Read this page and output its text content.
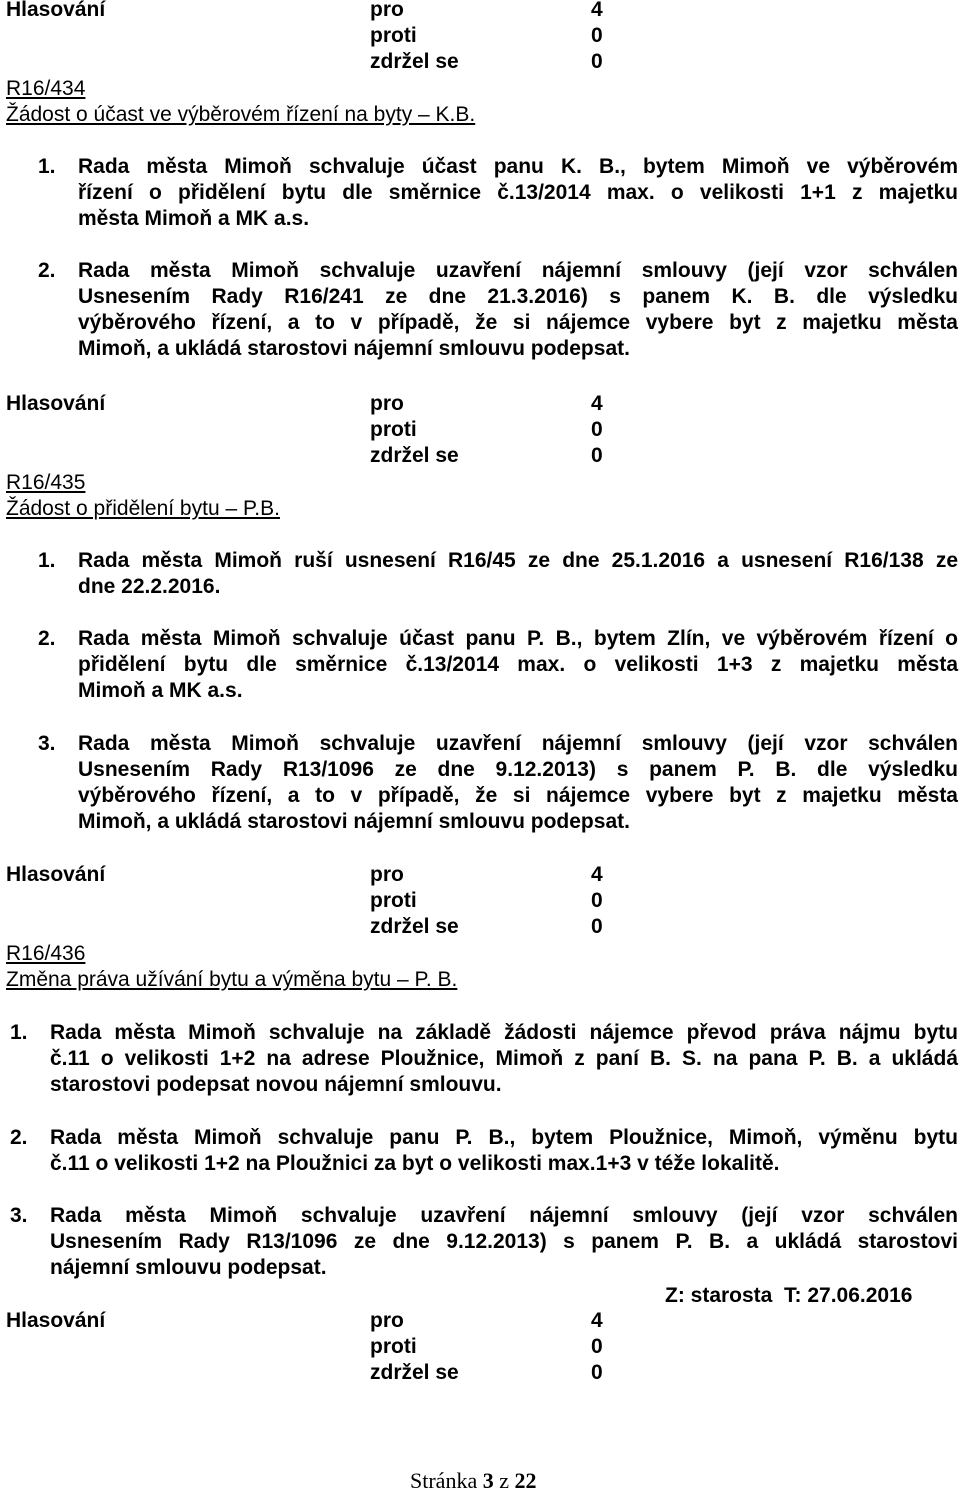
Hlasování	pro	4
proti	0
zdržel se	0
R16/434
Žádost o účast ve výběrovém řízení na byty – K.B.
1. Rada města Mimoň schvaluje účast panu K. B., bytem Mimoň ve výběrovém
řízení o přidělení bytu dle směrnice č.13/2014 max. o velikosti 1+1 z majetku
města Mimoň a MK a.s.
2. Rada města Mimoň schvaluje uzavření nájemní smlouvy (její vzor schválen
Usnesením Rady R16/241 ze dne 21.3.2016) s panem K. B. dle výsledku
výběrového řízení, a to v případě, že si nájemce vybere byt z majetku města
Mimoň, a ukládá starostovi nájemní smlouvu podepsat.
Hlasování	pro	4
proti	0
zdržel se	0
R16/435
Žádost o přidělení bytu – P.B.
1. Rada města Mimoň ruší usnesení R16/45 ze dne 25.1.2016 a usnesení R16/138 ze
dne 22.2.2016.
2. Rada města Mimoň schvaluje účast panu P. B., bytem Zlín, ve výběrovém řízení o
přidělení bytu dle směrnice č.13/2014 max. o velikosti 1+3 z majetku města
Mimoň a MK a.s.
3. Rada města Mimoň schvaluje uzavření nájemní smlouvy (její vzor schválen
Usnesením Rady R13/1096 ze dne 9.12.2013) s panem P. B. dle výsledku
výběrového řízení, a to v případě, že si nájemce vybere byt z majetku města
Mimoň, a ukládá starostovi nájemní smlouvu podepsat.
Hlasování	pro	4
proti	0
zdržel se	0
R16/436
Změna práva užívání bytu a výměna bytu – P. B.
1. Rada města Mimoň schvaluje na základě žádosti nájemce převod práva nájmu bytu
č.11 o velikosti 1+2 na adrese Ploužnice, Mimoň z paní B. S. na pana P. B. a ukládá
starostovi podepsat novou nájemní smlouvu.
2. Rada města Mimoň schvaluje panu P. B., bytem Ploužnice, Mimoň, výměnu bytu
č.11 o velikosti 1+2 na Ploužnici za byt o velikosti max.1+3 v téže lokalitě.
3. Rada města Mimoň schvaluje uzavření nájemní smlouvy (její vzor schválen
Usnesením Rady R13/1096 ze dne 9.12.2013) s panem P. B. a ukládá starostovi
nájemní smlouvu podepsat.
Z: starosta  T: 27.06.2016
Hlasování	pro	4
proti	0
zdržel se	0
Stránka 3 z 22
